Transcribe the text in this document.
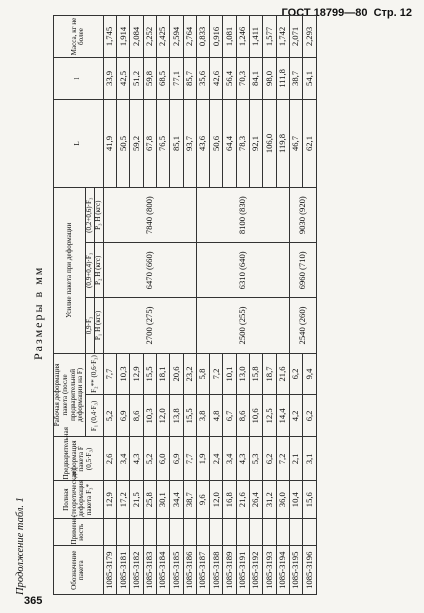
ГОСТ 18799—80 Стр. 12
Продолжение табл. 1
Размеры в мм
Обозначение пакета	Примене-ность	Полная (теоретическая) деформация пакета F₃*	Предварительная деформация пакета F (0,5·F₃)	Рабочая деформация пакета (после предварительной деформации на F)		Усилие пакета при деформации			L	l	Масса, кг не более
				F₁ (0,4·F₃)	F₂** (0,6·F₃)	0,9·F₃	(0,9+0,4)·F₃	(0,2+0,6)·F₃			
						P₁ Н (кгс)	P₂ Н (кгс)	P₃ Н (кгс)			
1085-3179		12,9	2,6	5,2	7,7	2700 (275)	6470 (660)	7840 (800)	41,9	33,9	1,745
1085-3181		17,2	3,4	6,9	10,3				50,5	42,5	1,914
1085-3182		21,5	4,3	8,6	12,9				59,2	51,2	2,084
1085-3183		25,8	5,2	10,3	15,5				67,8	59,8	2,252
1085-3184		30,1	6,0	12,0	18,1				76,5	68,5	2,425
1085-3185		34,4	6,9	13,8	20,6				85,1	77,1	2,594
1085-3186		38,7	7,7	15,5	23,2				93,7	85,7	2,764
1085-3187		9,6	1,9	3,8	5,8	2500 (255)	6310 (640)	8100 (830)	43,6	35,6	0,833
1085-3188		12,0	2,4	4,8	7,2				50,6	42,6	0,916
1085-3189		16,8	3,4	6,7	10,1				64,4	56,4	1,081
1085-3191		21,6	4,3	8,6	13,0				78,3	70,3	1,246
1085-3192		26,4	5,3	10,6	15,8				92,1	84,1	1,411
1085-3193		31,2	6,2	12,5	18,7				106,0	98,0	1,577
1085-3194		36,0	7,2	14,4	21,6				119,8	111,8	1,742
1085-3195		10,4	2,1	4,2	6,2	2540 (260)	6960 (710)	9030 (920)	46,7	38,7	2,071
1085-3196		15,6	3,1	6,2	9,4				62,1	54,1	2,293
365
